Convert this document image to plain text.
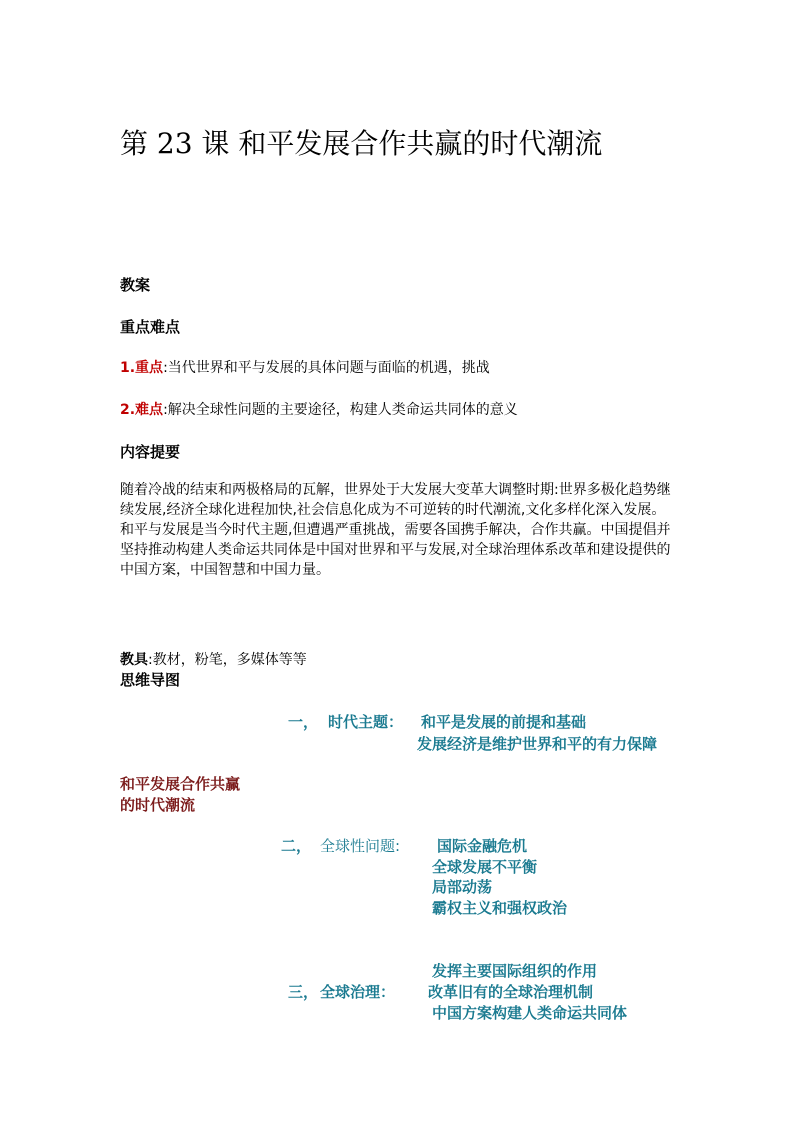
第 23 课 和平发展合作共赢的时代潮流
教案
重点难点
1.重点:当代世界和平与发展的具体问题与面临的机遇，挑战
2.难点:解决全球性问题的主要途径，构建人类命运共同体的意义
内容提要

随着冷战的结束和两极格局的瓦解，世界处于大发展大变革大调整时期:世界多极化趋势继续发展,经济全球化进程加快,社会信息化成为不可逆转的时代潮流,文化多样化深入发展。

和平与发展是当今时代主题,但遭遇严重挑战，需要各国携手解决，合作共赢。中国提倡并坚持推动构建人类命运共同体是中国对世界和平与发展,对全球治理体系改革和建设提供的中国方案，中国智慧和中国力量。

教具:教材，粉笔，多媒体等等
思维导图
一， 时代主题： 和平是发展的前提和基础
发展经济是维护世界和平的有力保障
和平发展合作共赢
的时代潮流
二， 全球性问题: 国际金融危机
全球发展不平衡
局部动荡
霸权主义和强权政治
发挥主要国际组织的作用
三， 全球治理： 改革旧有的全球治理机制
中国方案构建人类命运共同体
